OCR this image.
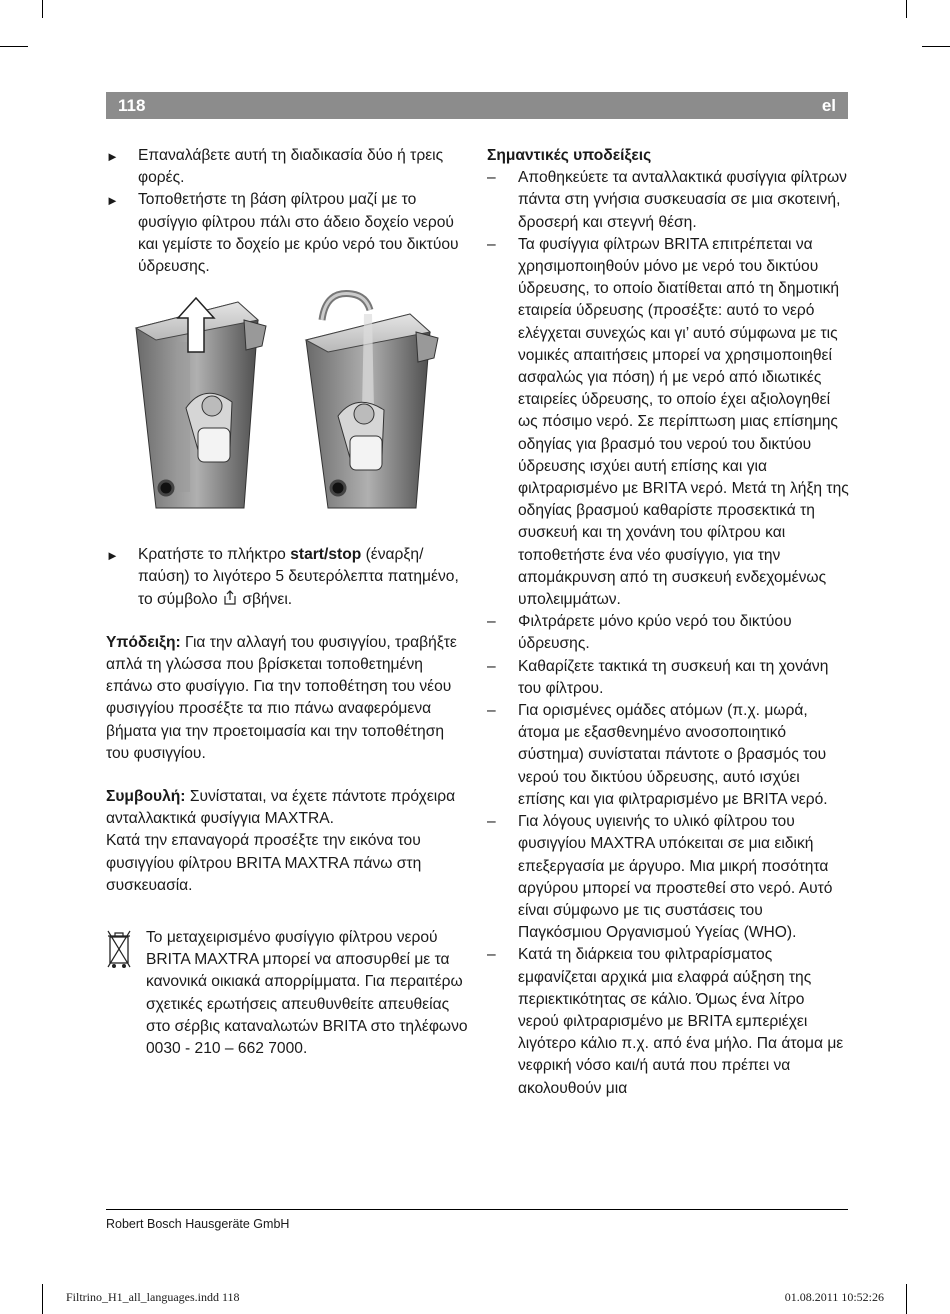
118	el
►	Επαναλάβετε αυτή τη διαδικασία δύο ή τρεις φορές.
►	Τοποθετήστε τη βάση φίλτρου μαζί με το φυσίγγιο φίλτρου πάλι στο άδειο δοχείο νερού και γεμίστε το δοχείο με κρύο νερό του δικτύου ύδρευσης.
►	Κρατήστε το πλήκτρο start/stop (έναρξη/παύση) το λιγότερο 5 δευτερόλεπτα πατημένο, το σύμβολο  σβήνει.

Υπόδειξη: Για την αλλαγή του φυσιγγίου, τραβήξτε απλά τη γλώσσα που βρίσκεται τοποθετημένη επάνω στο φυσίγγιο. Για την τοποθέτηση του νέου φυσιγγίου προσέξτε τα πιο πάνω αναφερόμενα βήματα για την προετοιμασία και την τοποθέτηση του φυσιγγίου.

Συμβουλή: Συνίσταται, να έχετε πάντοτε πρόχειρα ανταλλακτικά φυσίγγια MAXTRA.

Κατά την επαναγορά προσέξτε την εικόνα του φυσιγγίου φίλτρου BRITA MAXTRA πάνω στη συσκευασία.

Το μεταχειρισμένο φυσίγγιο φίλτρου νερού BRITA MAXTRA μπορεί να αποσυρθεί με τα κανονικά οικιακά απορρίμματα. Για περαιτέρω σχετικές ερωτήσεις απευθυνθείτε απευθείας στο σέρβις καταναλωτών BRITA στο τηλέφωνο 0030 - 210 – 662 7000.

Σημαντικές υποδείξεις

–	Αποθηκεύετε τα ανταλλακτικά φυσίγγια φίλτρων πάντα στη γνήσια συσκευασία σε μια σκοτεινή, δροσερή και στεγνή θέση.
–	Τα φυσίγγια φίλτρων BRITA επιτρέπεται να χρησιμοποιηθούν μόνο με νερό του δικτύου ύδρευσης, το οποίο διατίθεται από τη δημοτική εταιρεία ύδρευσης (προσέξτε: αυτό το νερό ελέγχεται συνεχώς και γι’ αυτό σύμφωνα με τις νομικές απαιτήσεις μπορεί να χρησιμοποιηθεί ασφαλώς για πόση) ή με νερό από ιδιωτικές εταιρείες ύδρευσης, το οποίο έχει αξιολογηθεί ως πόσιμο νερό. Σε περίπτωση μιας επίσημης οδηγίας για βρασμό του νερού του δικτύου ύδρευσης ισχύει αυτή επίσης και για φιλτραρισμένο με BRITA νερό. Μετά τη λήξη της οδηγίας βρασμού καθαρίστε προσεκτικά τη συσκευή και τη χονάνη του φίλτρου και τοποθετήστε ένα νέο φυσίγγιο, για την απομάκρυνση από τη συσκευή ενδεχομένως υπολειμμάτων.
–	Φιλτράρετε μόνο κρύο νερό του δικτύου ύδρευσης.
–	Καθαρίζετε τακτικά τη συσκευή και τη χονάνη του φίλτρου.
–	Για ορισμένες ομάδες ατόμων (π.χ. μωρά, άτομα με εξασθενημένο ανοσοποιητικό σύστημα) συνίσταται πάντοτε ο βρασμός του νερού του δικτύου ύδρευσης, αυτό ισχύει επίσης και για φιλτραρισμένο με BRITA νερό.
–	Για λόγους υγιεινής το υλικό φίλτρου του φυσιγγίου MAXTRA υπόκειται σε μια ειδική επεξεργασία με άργυρο. Μια μικρή ποσότητα αργύρου μπορεί να προστεθεί στο νερό. Αυτό είναι σύμφωνο με τις συστάσεις του Παγκόσμιου Οργανισμού Υγείας (WHO).
–	Κατά τη διάρκεια του φιλτραρίσματος εμφανίζεται αρχικά μια ελαφρά αύξηση της περιεκτικότητας σε κάλιο. Όμως ένα λίτρο νερού φιλτραρισμένο με BRITA εμπεριέχει λιγότερο κάλιο π.χ. από ένα μήλο. Πα άτομα με νεφρική νόσο και/ή αυτά που πρέπει να ακολουθούν μια
Robert Bosch Hausgeräte GmbH
Filtrino_H1_all_languages.indd 118	01.08.2011 10:52:26
